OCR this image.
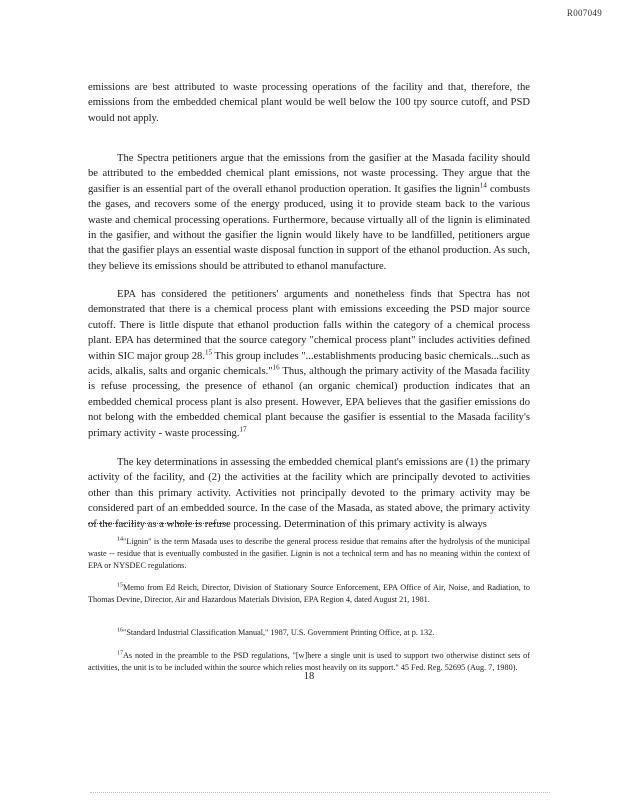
R007049

emissions are best attributed to waste processing operations of the facility and that, therefore, the emissions from the embedded chemical plant would be well below the 100 tpy source cutoff, and PSD would not apply.

The Spectra petitioners argue that the emissions from the gasifier at the Masada facility should be attributed to the embedded chemical plant emissions, not waste processing. They argue that the gasifier is an essential part of the overall ethanol production operation. It gasifies the lignin$^{14}$ combusts the gases, and recovers some of the energy produced, using it to provide steam back to the various waste and chemical processing operations. Furthermore, because virtually all of the lignin is eliminated in the gasifier, and without the gasifier the lignin would likely have to be landfilled, petitioners argue that the gasifier plays an essential waste disposal function in support of the ethanol production. As such, they believe its emissions should be attributed to ethanol manufacture.

EPA has considered the petitioners' arguments and nonetheless finds that Spectra has not demonstrated that there is a chemical process plant with emissions exceeding the PSD major source cutoff. There is little dispute that ethanol production falls within the category of a chemical process plant. EPA has determined that the source category "chemical process plant" includes activities defined within SIC major group 28.15 This group includes "...establishments producing basic chemicals...such as acids, alkalis, salts and organic chemicals."$^{16}$ Thus, although the primary activity of the Masada facility is refuse processing, the presence of ethanol (an organic chemical) production indicates that an embedded chemical process plant is also present. However, EPA believes that the gasifier emissions do not belong with the embedded chemical plant because the gasifier is essential to the Masada facility's primary activity - waste processing.$^{17}$

The key determinations in assessing the embedded chemical plant's emissions are (1) the primary activity of the facility, and (2) the activities at the facility which are principally devoted to activities other than this primary activity. Activities not principally devoted to the primary activity may be considered part of an embedded source. In the case of the Masada, as stated above, the primary activity of the facility as a whole is refuse processing. Determination of this primary activity is always

$^{14}$"Lignin" is the term Masada uses to describe the general process residue that remains after the hydrolysis of the municipal waste -- residue that is eventually combusted in the gasifier. Lignin is not a technical term and has no meaning within the context of EPA or NYSDEC regulations.

$^{15}$Memo from Ed Reich, Director, Division of Stationary Source Enforcement, EPA Office of Air, Noise, and Radiation, to Thomas Devine, Director, Air and Hazardous Materials Division, EPA Region 4, dated August 21, 1981.

$^{16}$"Standard Industrial Classification Manual," 1987, U.S. Government Printing Office, at p. 132.

$^{17}$As noted in the preamble to the PSD regulations, "[w]here a single unit is used to support two otherwise distinct sets of activities, the unit is to be included within the source which relies most heavily on its support." 45 Fed. Reg. 52695 (Aug. 7, 1980).

18
